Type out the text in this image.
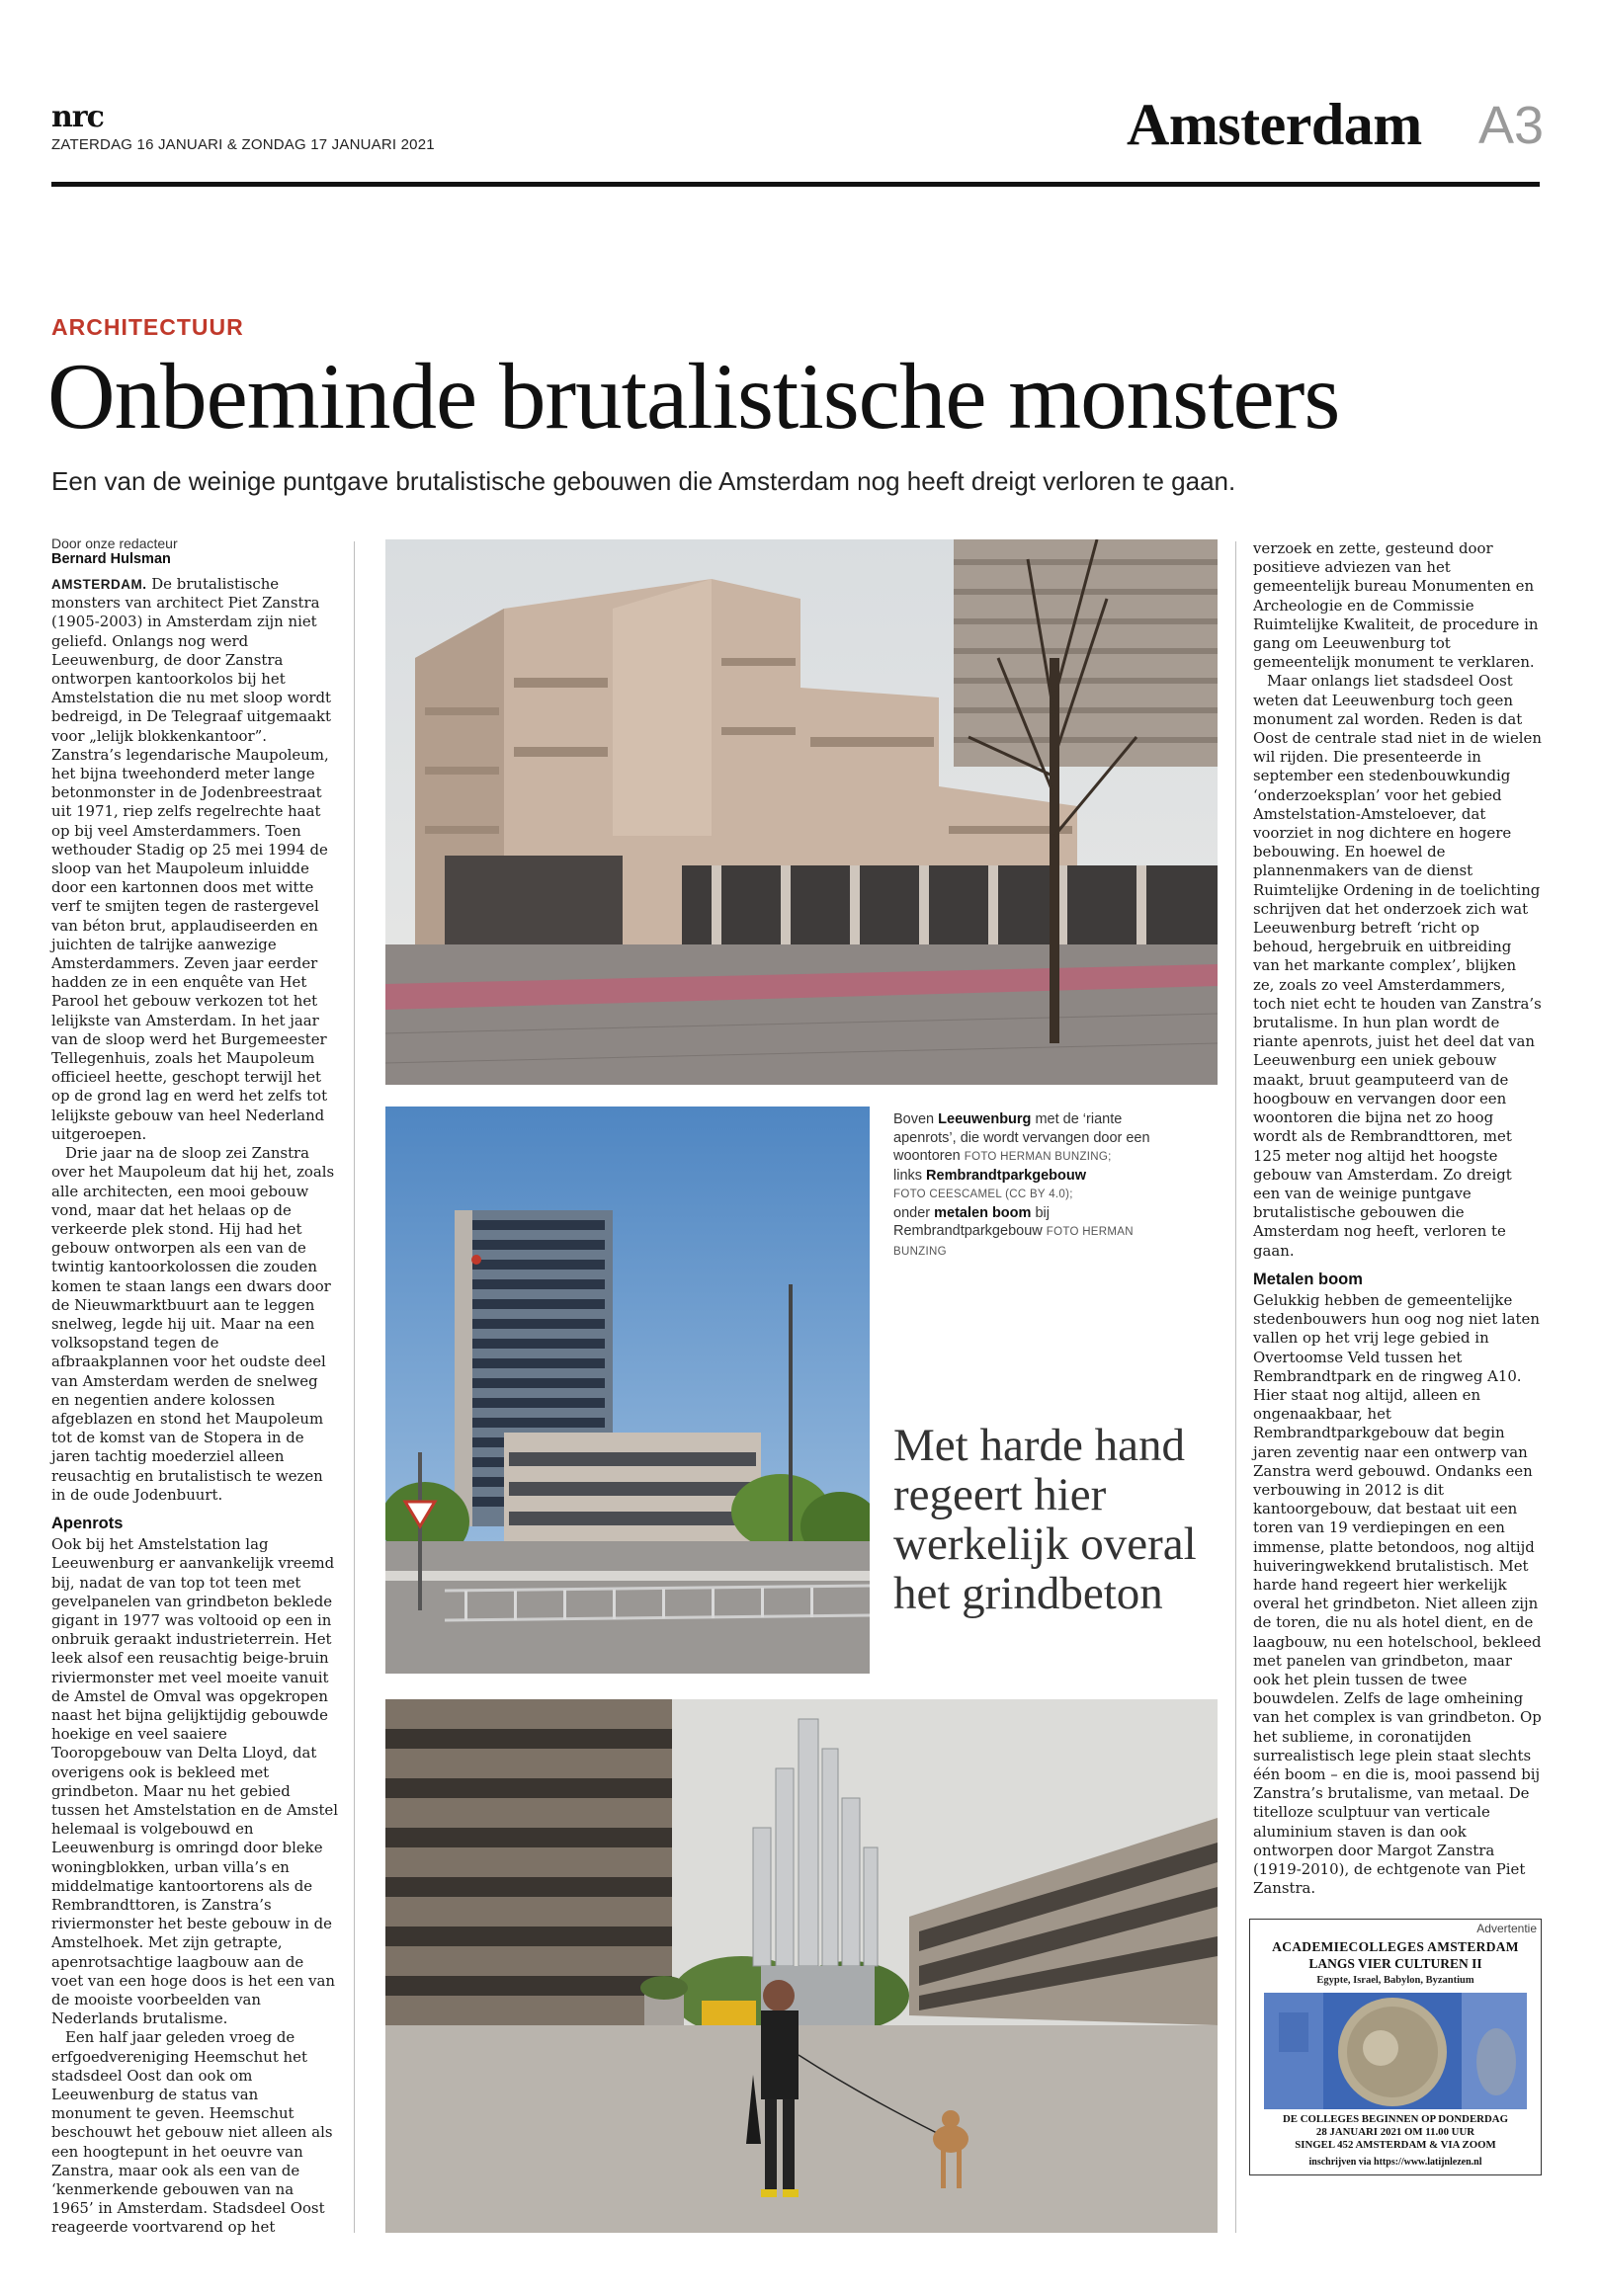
nrc
ZATERDAG 16 JANUARI & ZONDAG 17 JANUARI 2021	Amsterdam A3
ARCHITECTUUR
Onbeminde brutalistische monsters
Een van de weinige puntgave brutalistische gebouwen die Amsterdam nog heeft dreigt verloren te gaan.
Door onze redacteur
Bernard Hulsman

AMSTERDAM. De brutalistische monsters van architect Piet Zanstra (1905-2003) in Amsterdam zijn niet geliefd. Onlangs nog werd Leeuwenburg, de door Zanstra ontworpen kantoorkolos bij het Amstelstation die nu met sloop wordt bedreigd, in De Telegraaf uitgemaakt voor „lelijk blokkenkantoor”. Zanstra’s legendarische Maupoleum, het bijna tweehonderd meter lange betonmonster in de Jodenbreestraat uit 1971, riep zelfs regelrechte haat op bij veel Amsterdammers. Toen wethouder Stadig op 25 mei 1994 de sloop van het Maupoleum inluidde door een kartonnen doos met witte verf te smijten tegen de rastergevel van béton brut, applaudiseerden en juichten de talrijke aanwezige Amsterdammers. Zeven jaar eerder hadden ze in een enquête van Het Parool het gebouw verkozen tot het lelijkste van Amsterdam. In het jaar van de sloop werd het Burgemeester Tellegenhuis, zoals het Maupoleum officieel heette, geschopt terwijl het op de grond lag en werd het zelfs tot lelijkste gebouw van heel Nederland uitgeroepen.

Drie jaar na de sloop zei Zanstra over het Maupoleum dat hij het, zoals alle architecten, een mooi gebouw vond, maar dat het helaas op de verkeerde plek stond. Hij had het gebouw ontworpen als een van de twintig kantoorkolossen die zouden komen te staan langs een dwars door de Nieuwmarktbuurt aan te leggen snelweg, legde hij uit. Maar na een volksopstand tegen de afbraakplannen voor het oudste deel van Amsterdam werden de snelweg en negentien andere kolossen afgeblazen en stond het Maupoleum tot de komst van de Stopera in de jaren tachtig moederziel alleen reusachtig en brutalistisch te wezen in de oude Jodenbuurt.

Apenrots

Ook bij het Amstelstation lag Leeuwenburg er aanvankelijk vreemd bij, nadat de van top tot teen met gevelpanelen van grindbeton beklede gigant in 1977 was voltooid op een in onbruik geraakt industrieterrein. Het leek alsof een reusachtig beige-bruin riviermonster met veel moeite vanuit de Amstel de Omval was opgekropen naast het bijna gelijktijdig gebouwde hoekige en veel saaiere Tooropgebouw van Delta Lloyd, dat overigens ook is bekleed met grindbeton. Maar nu het gebied tussen het Amstelstation en de Amstel helemaal is volgebouwd en Leeuwenburg is omringd door bleke woningblokken, urban villa’s en middelmatige kantoortorens als de Rembrandttoren, is Zanstra’s riviermonster het beste gebouw in de Amstelhoek. Met zijn getrapte, apenrotsachtige laagbouw aan de voet van een hoge doos is het een van de mooiste voorbeelden van Nederlands brutalisme.

Een half jaar geleden vroeg de erfgoedvereniging Heemschut het stadsdeel Oost dan ook om Leeuwenburg de status van monument te geven. Heemschut beschouwt het gebouw niet alleen als een hoogtepunt in het oeuvre van Zanstra, maar ook als een van de ‘kenmerkende gebouwen van na 1965’ in Amsterdam. Stadsdeel Oost reageerde voortvarend op het

Boven Leeuwenburg met de ‘riante apenrots’, die wordt vervangen door een woontoren FOTO HERMAN BUNZING;
links Rembrandtparkgebouw
FOTO CEESCAMEL (CC BY 4.0);
onder metalen boom bij Rembrandtparkgebouw FOTO HERMAN BUNZING
Met harde hand regeert hier werkelijk overal het grindbeton

verzoek en zette, gesteund door positieve adviezen van het gemeentelijk bureau Monumenten en Archeologie en de Commissie Ruimtelijke Kwaliteit, de procedure in gang om Leeuwenburg tot gemeentelijk monument te verklaren.

Maar onlangs liet stadsdeel Oost weten dat Leeuwenburg toch geen monument zal worden. Reden is dat Oost de centrale stad niet in de wielen wil rijden. Die presenteerde in september een stedenbouwkundig ‘onderzoeksplan’ voor het gebied Amstelstation-Amsteloever, dat voorziet in nog dichtere en hogere bebouwing. En hoewel de plannenmakers van de dienst Ruimtelijke Ordening in de toelichting schrijven dat het onderzoek zich wat Leeuwenburg betreft ‘richt op behoud, hergebruik en uitbreiding van het markante complex’, blijken ze, zoals zo veel Amsterdammers, toch niet echt te houden van Zanstra’s brutalisme. In hun plan wordt de riante apenrots, juist het deel dat van Leeuwenburg een uniek gebouw maakt, bruut geamputeerd van de hoogbouw en vervangen door een woontoren die bijna net zo hoog wordt als de Rembrandttoren, met 125 meter nog altijd het hoogste gebouw van Amsterdam. Zo dreigt een van de weinige puntgave brutalistische gebouwen die Amsterdam nog heeft, verloren te gaan.

Metalen boom

Gelukkig hebben de gemeentelijke stedenbouwers hun oog nog niet laten vallen op het vrij lege gebied in Overtoomse Veld tussen het Rembrandtpark en de ringweg A10. Hier staat nog altijd, alleen en ongenaakbaar, het Rembrandtparkgebouw dat begin jaren zeventig naar een ontwerp van Zanstra werd gebouwd. Ondanks een verbouwing in 2012 is dit kantoorgebouw, dat bestaat uit een toren van 19 verdiepingen en een immense, platte betondoos, nog altijd huiveringwekkend brutalistisch. Met harde hand regeert hier werkelijk overal het grindbeton. Niet alleen zijn de toren, die nu als hotel dient, en de laagbouw, nu een hotelschool, bekleed met panelen van grindbeton, maar ook het plein tussen de twee bouwdelen. Zelfs de lage omheining van het complex is van grindbeton. Op het sublieme, in coronatijden surrealistisch lege plein staat slechts één boom – en die is, mooi passend bij Zanstra’s brutalisme, van metaal. De titelloze sculptuur van verticale aluminium staven is dan ook ontworpen door Margot Zanstra (1919-2010), de echtgenote van Piet Zanstra.

Advertentie
ACADEMIECOLLEGES AMSTERDAM
LANGS VIER CULTUREN II
Egypte, Israel, Babylon, Byzantium
DE COLLEGES BEGINNEN OP DONDERDAG
28 JANUARI 2021 OM 11.00 UUR
SINGEL 452 AMSTERDAM & VIA ZOOM
inschrijven via https://www.latijnlezen.nl
